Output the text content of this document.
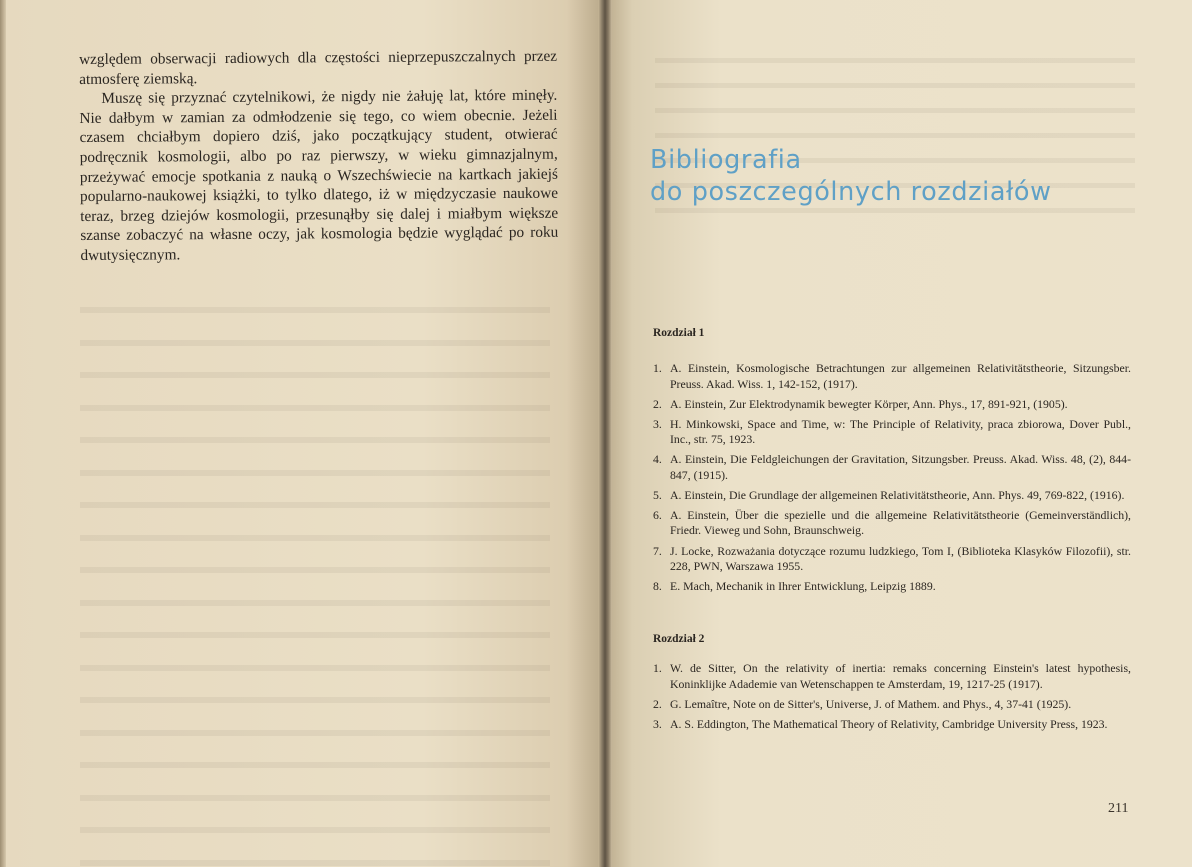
względem obserwacji radiowych dla częstości nieprzepuszczalnych przez atmosferę ziemską.

Muszę się przyznać czytelnikowi, że nigdy nie żałuję lat, które minęły. Nie dałbym w zamian za odmłodzenie się tego, co wiem obecnie. Jeżeli czasem chciałbym dopiero dziś, jako początkujący student, otwierać podręcznik kosmologii, albo po raz pierwszy, w wieku gimnazjalnym, przeżywać emocje spotkania z nauką o Wszechświecie na kartkach jakiejś popularno-naukowej książki, to tylko dlatego, iż w międzyczasie naukowe teraz, brzeg dziejów kosmologii, przesunąłby się dalej i miałbym większe szanse zobaczyć na własne oczy, jak kosmologia będzie wyglądać po roku dwutysięcznym.

Bibliografia
do poszczególnych rozdziałów
Rozdział 1
1. A. Einstein, Kosmologische Betrachtungen zur allgemeinen Relativitätstheorie, Sitzungsber. Preuss. Akad. Wiss. 1, 142-152, (1917).
2. A. Einstein, Zur Elektrodynamik bewegter Körper, Ann. Phys., 17, 891-921, (1905).
3. H. Minkowski, Space and Time, w: The Principle of Relativity, praca zbiorowa, Dover Publ., Inc., str. 75, 1923.
4. A. Einstein, Die Feldgleichungen der Gravitation, Sitzungsber. Preuss. Akad. Wiss. 48, (2), 844-847, (1915).
5. A. Einstein, Die Grundlage der allgemeinen Relativitätstheorie, Ann. Phys. 49, 769-822, (1916).
6. A. Einstein, Über die spezielle und die allgemeine Relativitätstheorie (Gemeinverständlich), Friedr. Vieweg und Sohn, Braunschweig.
7. J. Locke, Rozważania dotyczące rozumu ludzkiego, Tom I, (Biblioteka Klasyków Filozofii), str. 228, PWN, Warszawa 1955.
8. E. Mach, Mechanik in Ihrer Entwicklung, Leipzig 1889.
Rozdział 2
1. W. de Sitter, On the relativity of inertia: remaks concerning Einstein's latest hypothesis, Koninklijke Adademie van Wetenschappen te Amsterdam, 19, 1217-25 (1917).
2. G. Lemaître, Note on de Sitter's, Universe, J. of Mathem. and Phys., 4, 37-41 (1925).
3. A. S. Eddington, The Mathematical Theory of Relativity, Cambridge University Press, 1923.
211
